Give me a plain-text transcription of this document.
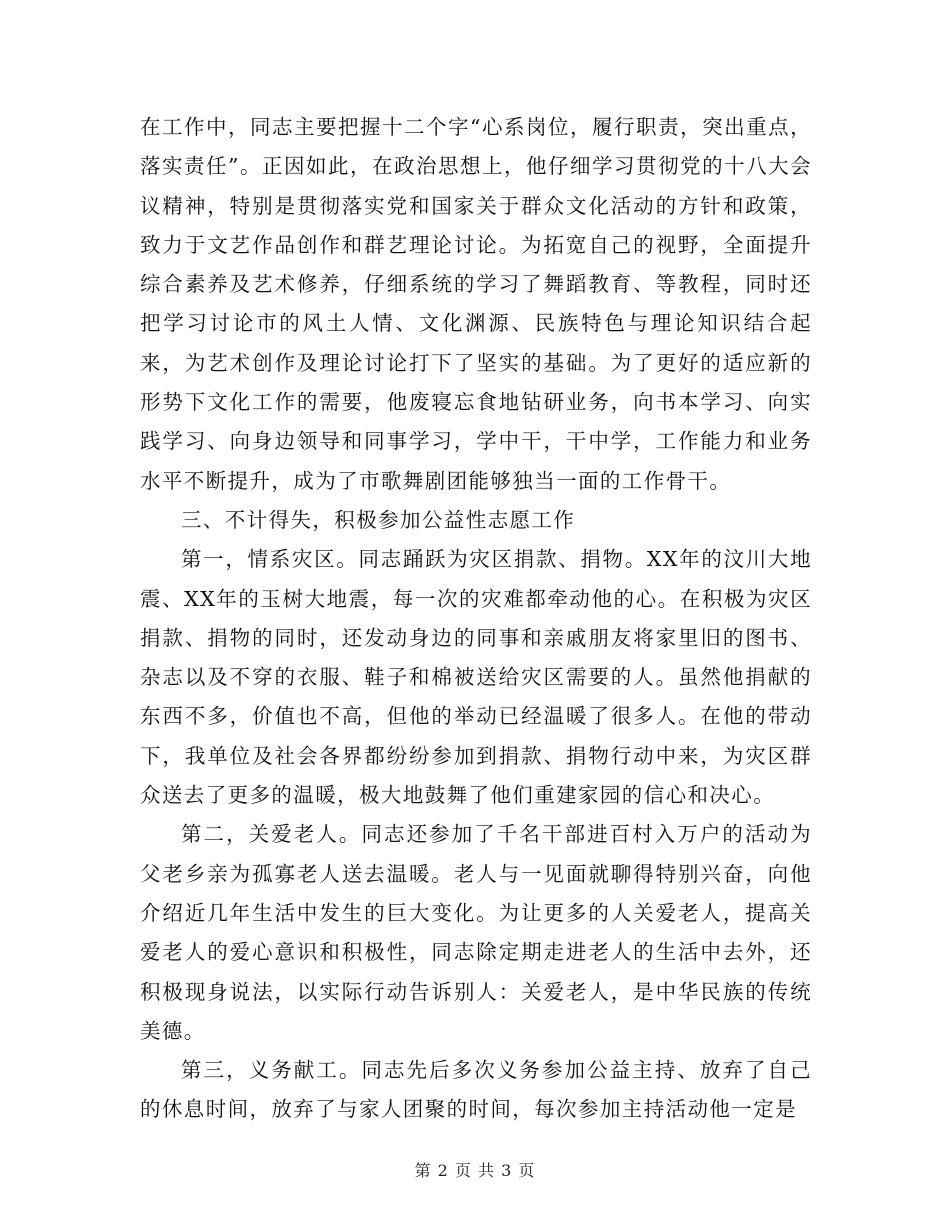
在工作中，同志主要把握十二个字“心系岗位，履行职责，突出重点，落实责任”。正因如此，在政治思想上，他仔细学习贯彻党的十八大会议精神，特别是贯彻落实党和国家关于群众文化活动的方针和政策，致力于文艺作品创作和群艺理论讨论。为拓宽自己的视野，全面提升综合素养及艺术修养，仔细系统的学习了舞蹈教育、等教程，同时还把学习讨论市的风土人情、文化渊源、民族特色与理论知识结合起来，为艺术创作及理论讨论打下了坚实的基础。为了更好的适应新的形势下文化工作的需要，他废寝忘食地钻研业务，向书本学习、向实践学习、向身边领导和同事学习，学中干，干中学，工作能力和业务水平不断提升，成为了市歌舞剧团能够独当一面的工作骨干。

三、不计得失，积极参加公益性志愿工作

第一，情系灾区。同志踊跃为灾区捐款、捐物。XX年的汶川大地震、XX年的玉树大地震，每一次的灾难都牵动他的心。在积极为灾区捐款、捐物的同时，还发动身边的同事和亲戚朋友将家里旧的图书、杂志以及不穿的衣服、鞋子和棉被送给灾区需要的人。虽然他捐献的东西不多，价值也不高，但他的举动已经温暖了很多人。在他的带动下，我单位及社会各界都纷纷参加到捐款、捐物行动中来，为灾区群众送去了更多的温暖，极大地鼓舞了他们重建家园的信心和决心。

第二，关爱老人。同志还参加了千名干部进百村入万户的活动为父老乡亲为孤寡老人送去温暖。老人与一见面就聊得特别兴奋，向他介绍近几年生活中发生的巨大变化。为让更多的人关爱老人，提高关爱老人的爱心意识和积极性，同志除定期走进老人的生活中去外，还积极现身说法，以实际行动告诉别人：关爱老人，是中华民族的传统美德。

第三，义务献工。同志先后多次义务参加公益主持、放弃了自己的休息时间，放弃了与家人团聚的时间，每次参加主持活动他一定是

第 2 页 共 3 页
